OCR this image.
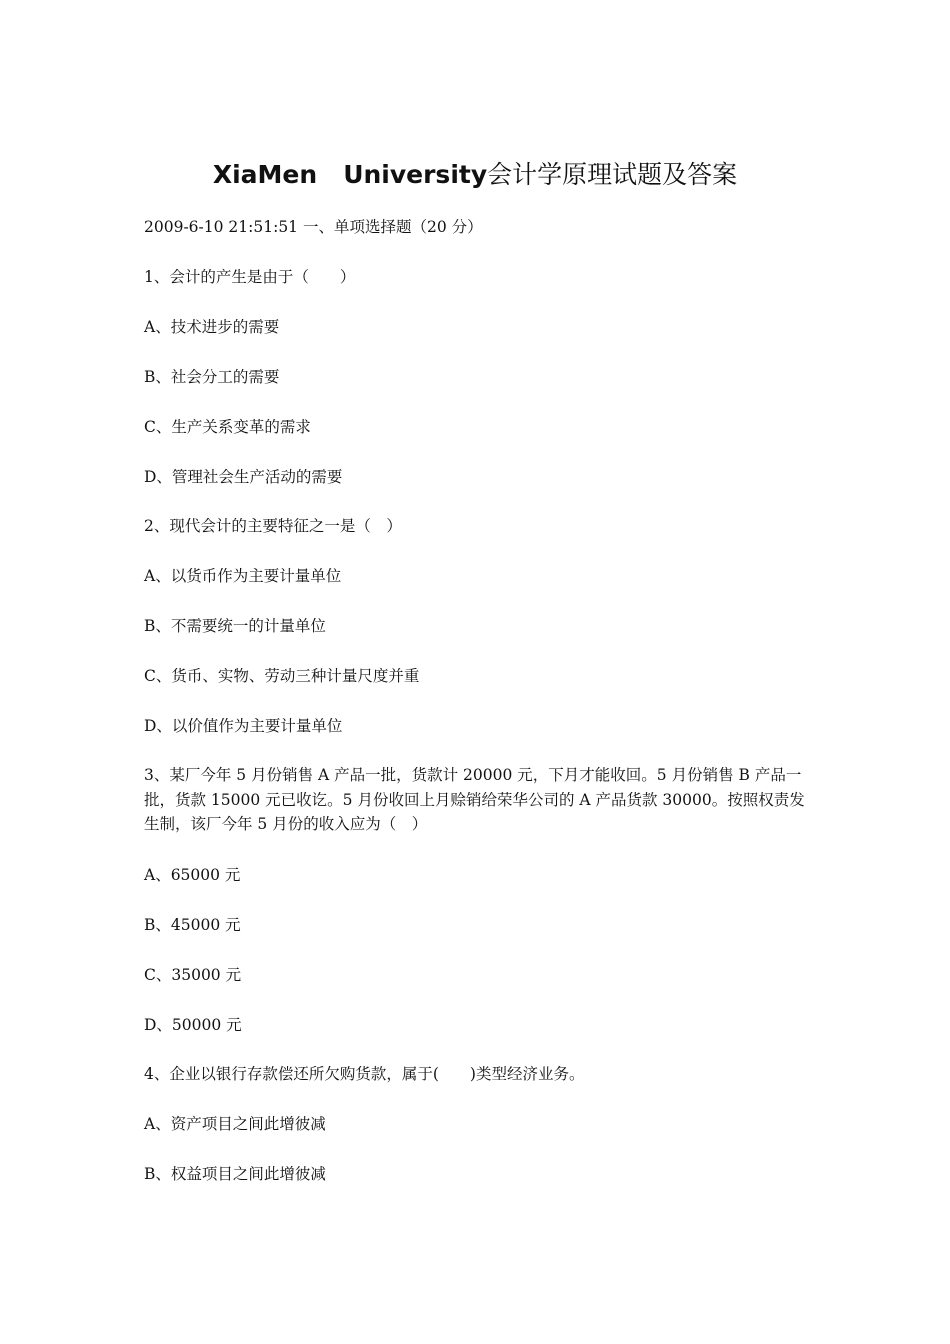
XiaMen University会计学原理试题及答案
2009-6-10 21:51:51 一、单项选择题（20 分）
1、会计的产生是由于（　　）
A、技术进步的需要
B、社会分工的需要
C、生产关系变革的需求
D、管理社会生产活动的需要
2、现代会计的主要特征之一是（　）
A、以货币作为主要计量单位
B、不需要统一的计量单位
C、货币、实物、劳动三种计量尺度并重
D、以价值作为主要计量单位
3、某厂今年 5 月份销售 A 产品一批，货款计 20000 元，下月才能收回。5 月份销售 B 产品一批，货款 15000 元已收讫。5 月份收回上月赊销给荣华公司的 A 产品货款 30000。按照权责发生制，该厂今年 5 月份的收入应为（　）
A、65000 元
B、45000 元
C、35000 元
D、50000 元
4、企业以银行存款偿还所欠购货款，属于(　　)类型经济业务。
A、资产项目之间此增彼减
B、权益项目之间此增彼减
